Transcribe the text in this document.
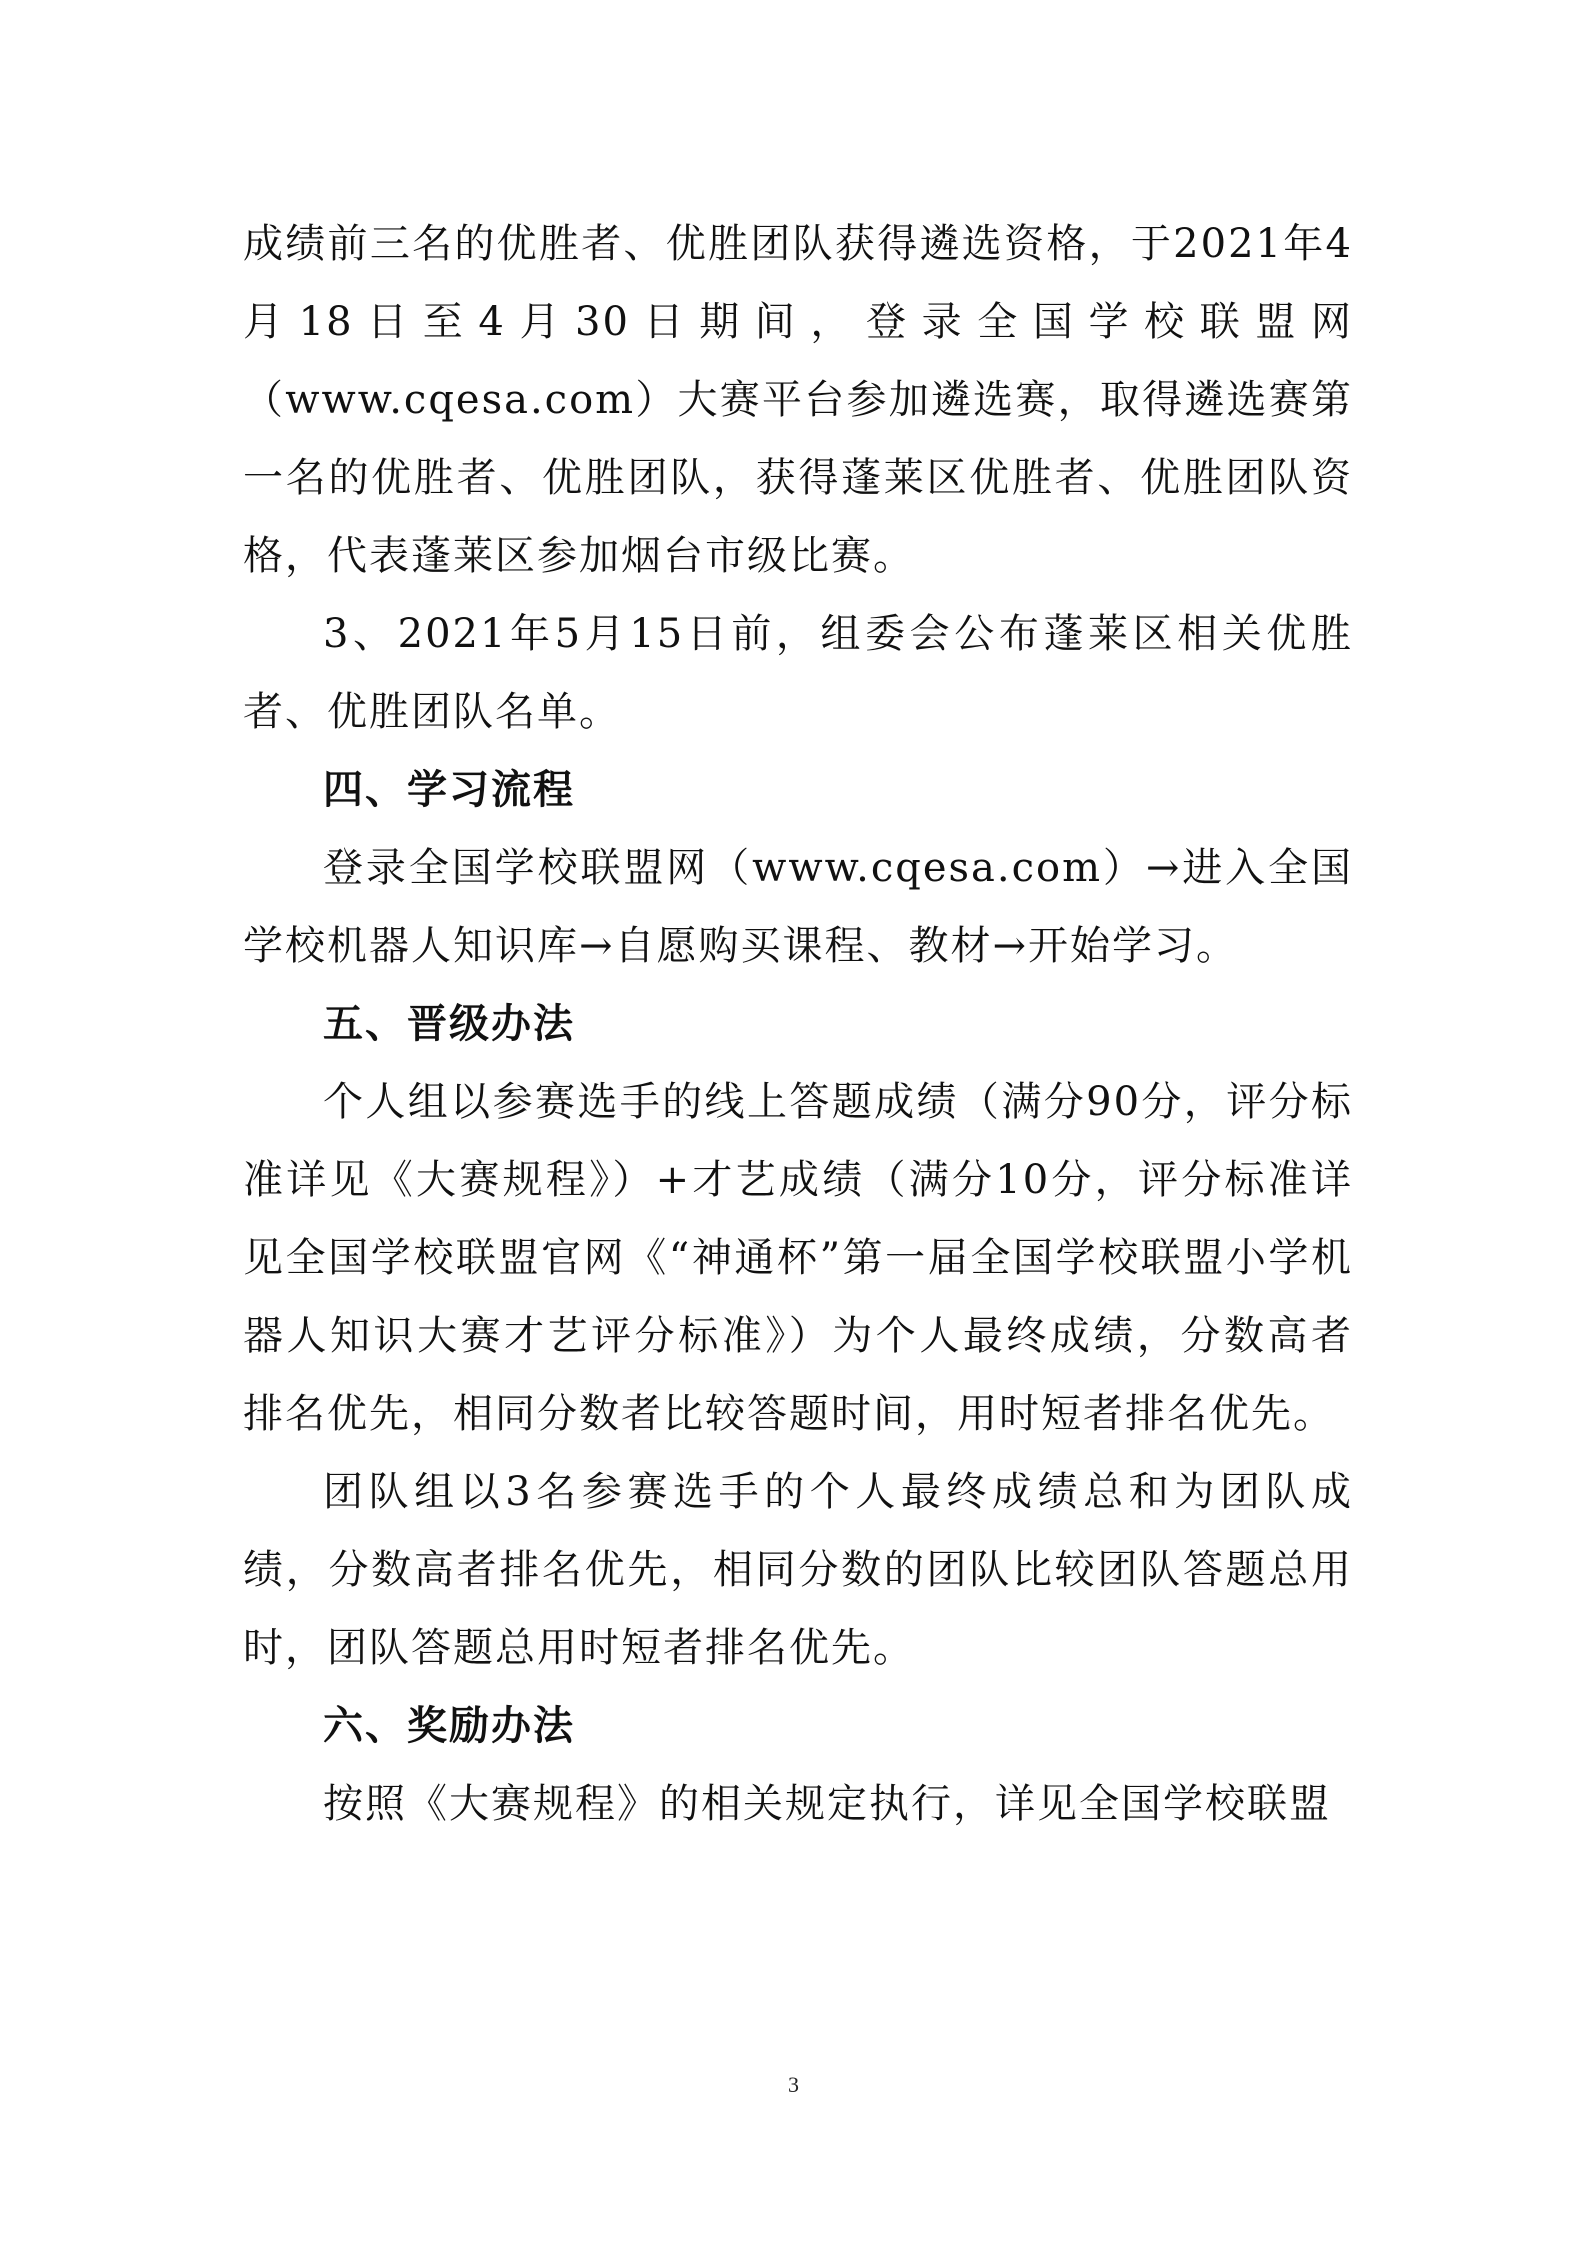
成绩前三名的优胜者、优胜团队获得遴选资格，于2021年4月18日至4月30日期间，登录全国学校联盟网（www.cqesa.com）大赛平台参加遴选赛，取得遴选赛第一名的优胜者、优胜团队，获得蓬莱区优胜者、优胜团队资格，代表蓬莱区参加烟台市级比赛。

3、2021年5月15日前，组委会公布蓬莱区相关优胜者、优胜团队名单。

四、学习流程

登录全国学校联盟网（www.cqesa.com）→进入全国学校机器人知识库→自愿购买课程、教材→开始学习。

五、晋级办法

个人组以参赛选手的线上答题成绩（满分90分，评分标准详见《大赛规程》）+才艺成绩（满分10分，评分标准详见全国学校联盟官网《“神通杯”第一届全国学校联盟小学机器人知识大赛才艺评分标准》）为个人最终成绩，分数高者排名优先，相同分数者比较答题时间，用时短者排名优先。

团队组以3名参赛选手的个人最终成绩总和为团队成绩，分数高者排名优先，相同分数的团队比较团队答题总用时，团队答题总用时短者排名优先。

六、奖励办法

按照《大赛规程》的相关规定执行，详见全国学校联盟

3
